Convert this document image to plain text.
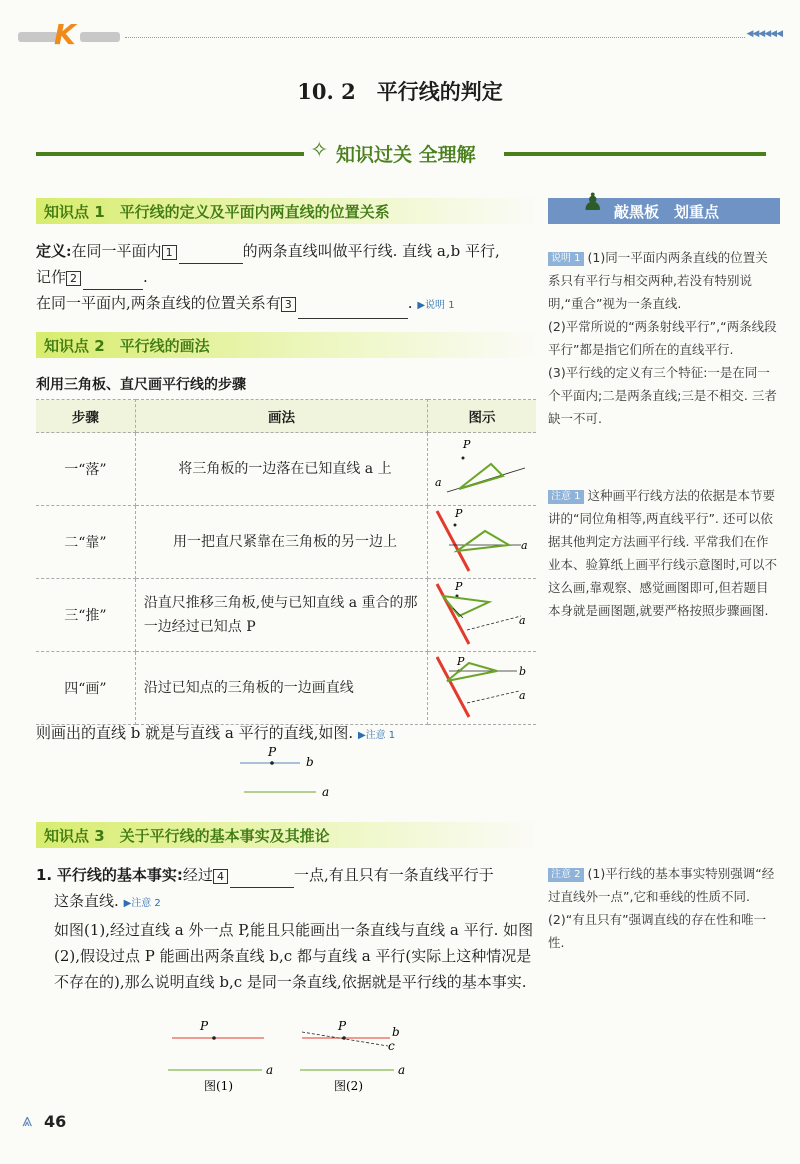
K	◀◀◀◀◀◀
10. 2　平行线的判定
✧ 知识过关 全理解
知识点 1　平行线的定义及平面内两直线的位置关系
定义:在同一平面内 1	的两条直线叫做平行线. 直线 a,b 平行,
记作 2	.
在同一平面内,两条直线的位置关系有 3	. ▶说明 1
知识点 2　平行线的画法
利用三角板、直尺画平行线的步骤
步骤	画法	图示
一“落”	将三角板的一边落在已知直线 a 上	P
a

二“靠”	用一把直尺紧靠在三角板的另一边上	P
a

三“推”	沿直尺推移三角板,使与已知直线 a 重合的那一边经过已知点 P	P
a

四“画”	沿过已知点的三角板的一边画直线	P
b
a
则画出的直线 b 就是与直线 a 平行的直线,如图. ▶注意 1
P
b
a
知识点 3　关于平行线的基本事实及其推论
1. 平行线的基本事实:经过 4	一点,有且只有一条直线平行于
这条直线. ▶注意 2
如图(1),经过直线 a 外一点 P,能且只能画出一条直线与直线 a 平行. 如图(2),假设过点 P 能画出两条直线 b,c 都与直线 a 平行(实际上这种情况是不存在的),那么说明直线 b,c 是同一条直线,依据就是平行线的基本事实.
P
a
图(1)
P	b
c
a
图(2)
♟ 敲黑板　划重点
说明 1 (1)同一平面内两条直线的位置关系只有平行与相交两种,若没有特别说明,“重合”视为一条直线.
(2)平常所说的“两条射线平行”,“两条线段平行”都是指它们所在的直线平行.
(3)平行线的定义有三个特征:一是在同一个平面内;二是两条直线;三是不相交. 三者缺一不可.
注意 1 这种画平行线方法的依据是本节要讲的“同位角相等,两直线平行”. 还可以依据其他判定方法画平行线. 平常我们在作业本、验算纸上画平行线示意图时,可以不这么画,靠观察、感觉画图即可,但若题目本身就是画图题,就要严格按照步骤画图.
注意 2 (1)平行线的基本事实特别强调“经过直线外一点”,它和垂线的性质不同.
(2)“有且只有”强调直线的存在性和唯一性.
⩓ 46
